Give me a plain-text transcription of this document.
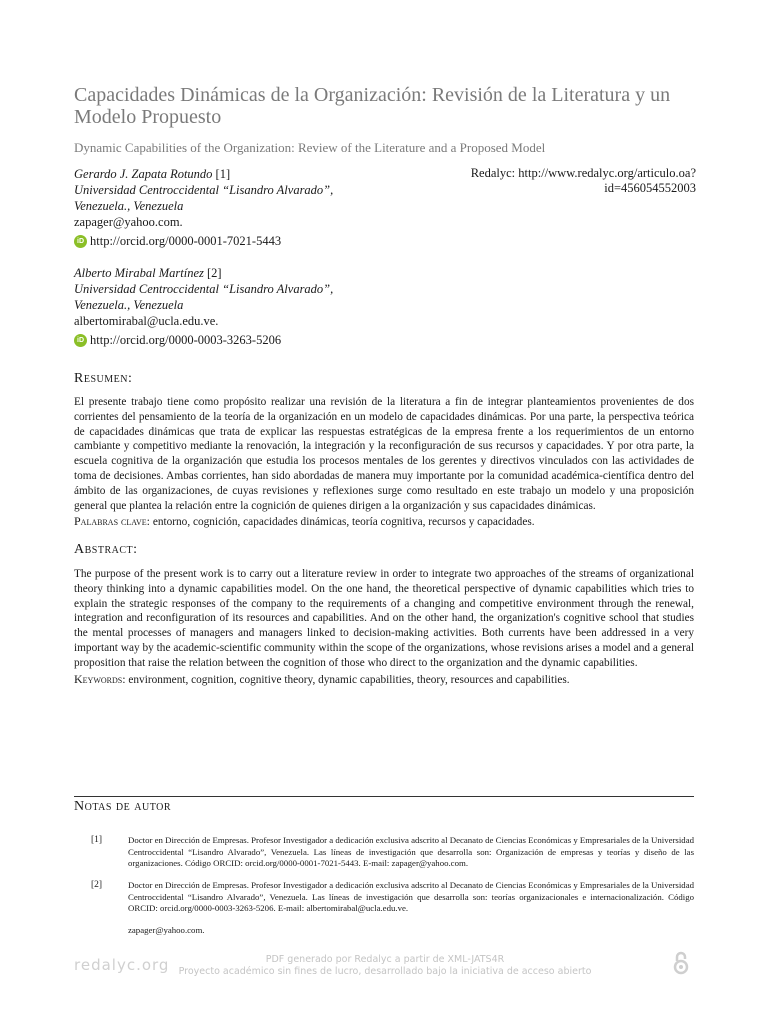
Capacidades Dinámicas de la Organización: Revisión de la Literatura y un Modelo Propuesto
Dynamic Capabilities of the Organization: Review of the Literature and a Proposed Model
Redalyc: http://www.redalyc.org/articulo.oa?
id=456054552003
Gerardo J. Zapata Rotundo [1]
Universidad Centroccidental “Lisandro Alvarado”,
Venezuela., Venezuela
zapager@yahoo.com.
iD http://orcid.org/0000-0001-7021-5443
Alberto Mirabal Martínez [2]
Universidad Centroccidental “Lisandro Alvarado”,
Venezuela., Venezuela
albertomirabal@ucla.edu.ve.
iD http://orcid.org/0000-0003-3263-5206
Resumen:
El presente trabajo tiene como propósito realizar una revisión de la literatura a fin de integrar planteamientos provenientes de dos corrientes del pensamiento de la teoría de la organización en un modelo de capacidades dinámicas. Por una parte, la perspectiva teórica de capacidades dinámicas que trata de explicar las respuestas estratégicas de la empresa frente a los requerimientos de un entorno cambiante y competitivo mediante la renovación, la integración y la reconfiguración de sus recursos y capacidades. Y por otra parte, la escuela cognitiva de la organización que estudia los procesos mentales de los gerentes y directivos vinculados con las actividades de toma de decisiones. Ambas corrientes, han sido abordadas de manera muy importante por la comunidad académica-científica dentro del ámbito de las organizaciones, de cuyas revisiones y reflexiones surge como resultado en este trabajo un modelo y una proposición general que plantea la relación entre la cognición de quienes dirigen a la organización y sus capacidades dinámicas.
Palabras clave: entorno, cognición, capacidades dinámicas, teoría cognitiva, recursos y capacidades.
Abstract:
The purpose of the present work is to carry out a literature review in order to integrate two approaches of the streams of organizational theory thinking into a dynamic capabilities model. On the one hand, the theoretical perspective of dynamic capabilities which tries to explain the strategic responses of the company to the requirements of a changing and competitive environment through the renewal, integration and reconfiguration of its resources and capabilities. And on the other hand, the organization's cognitive school that studies the mental processes of managers and managers linked to decision-making activities. Both currents have been addressed in a very important way by the academic-scientific community within the scope of the organizations, whose revisions arises a model and a general proposition that raise the relation between the cognition of those who direct to the organization and the dynamic capabilities.
Keywords: environment, cognition, cognitive theory, dynamic capabilities, theory, resources and capabilities.
Notas de autor
[1]	Doctor en Dirección de Empresas. Profesor Investigador a dedicación exclusiva adscrito al Decanato de Ciencias Económicas y Empresariales de la Universidad Centroccidental “Lisandro Alvarado”, Venezuela. Las líneas de investigación que desarrolla son: Organización de empresas y teorías y diseño de las organizaciones. Código ORCID: orcid.org/0000-0001-7021-5443. E-mail: zapager@yahoo.com.
[2]	Doctor en Dirección de Empresas. Profesor Investigador a dedicación exclusiva adscrito al Decanato de Ciencias Económicas y Empresariales de la Universidad Centroccidental “Lisandro Alvarado”, Venezuela. Las líneas de investigación que desarrolla son: teorías organizacionales e internacionalización. Código ORCID: orcid.org/0000-0003-3263-5206. E-mail: albertomirabal@ucla.edu.ve.
zapager@yahoo.com.
redalyc.org	PDF generado por Redalyc a partir de XML-JATS4R
Proyecto académico sin fines de lucro, desarrollado bajo la iniciativa de acceso abierto
